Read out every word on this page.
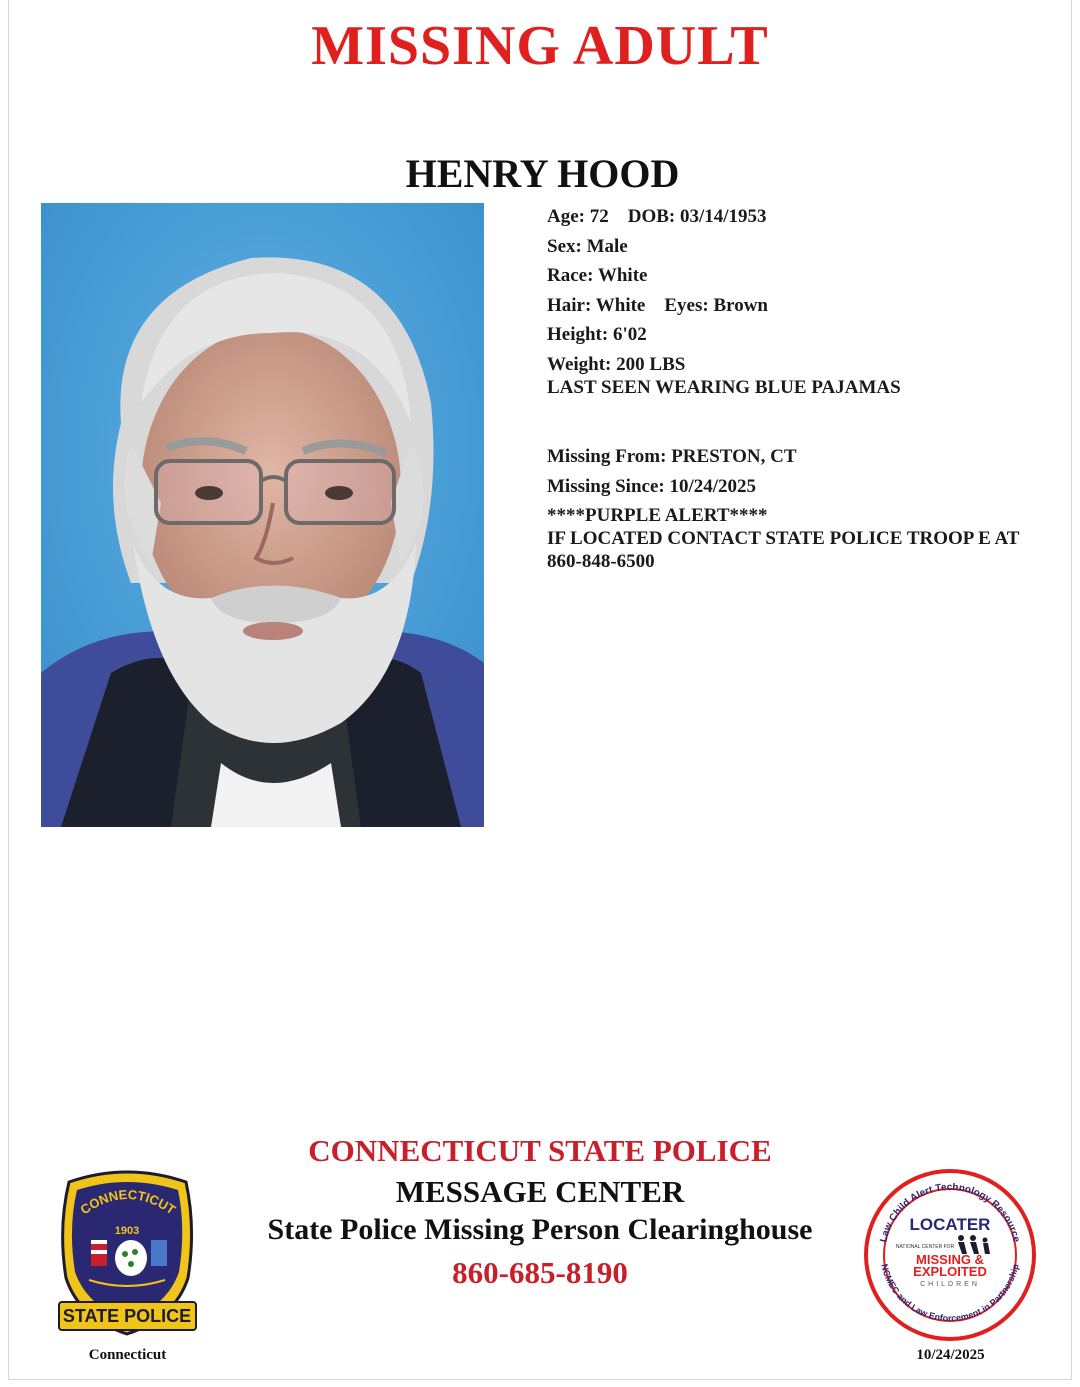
MISSING ADULT
HENRY HOOD
Age: 72 DOB: 03/14/1953
Sex: Male
Race: White
Hair: White Eyes: Brown
Height: 6'02
Weight: 200 LBS
LAST SEEN WEARING BLUE PAJAMAS
Missing From: PRESTON, CT
Missing Since: 10/24/2025
****PURPLE ALERT****
IF LOCATED CONTACT STATE POLICE TROOP E AT 860-848-6500
CONNECTICUT STATE POLICE
MESSAGE CENTER
State Police Missing Person Clearinghouse
860-685-8190
CONNECTICUT
1903
STATE POLICE
Connecticut
Law Child Alert Technology Resource
NCMEC and Law Enforcement in Partnership
LOCATER
NATIONAL CENTER FOR
MISSING &
EXPLOITED
CHILDREN
10/24/2025
